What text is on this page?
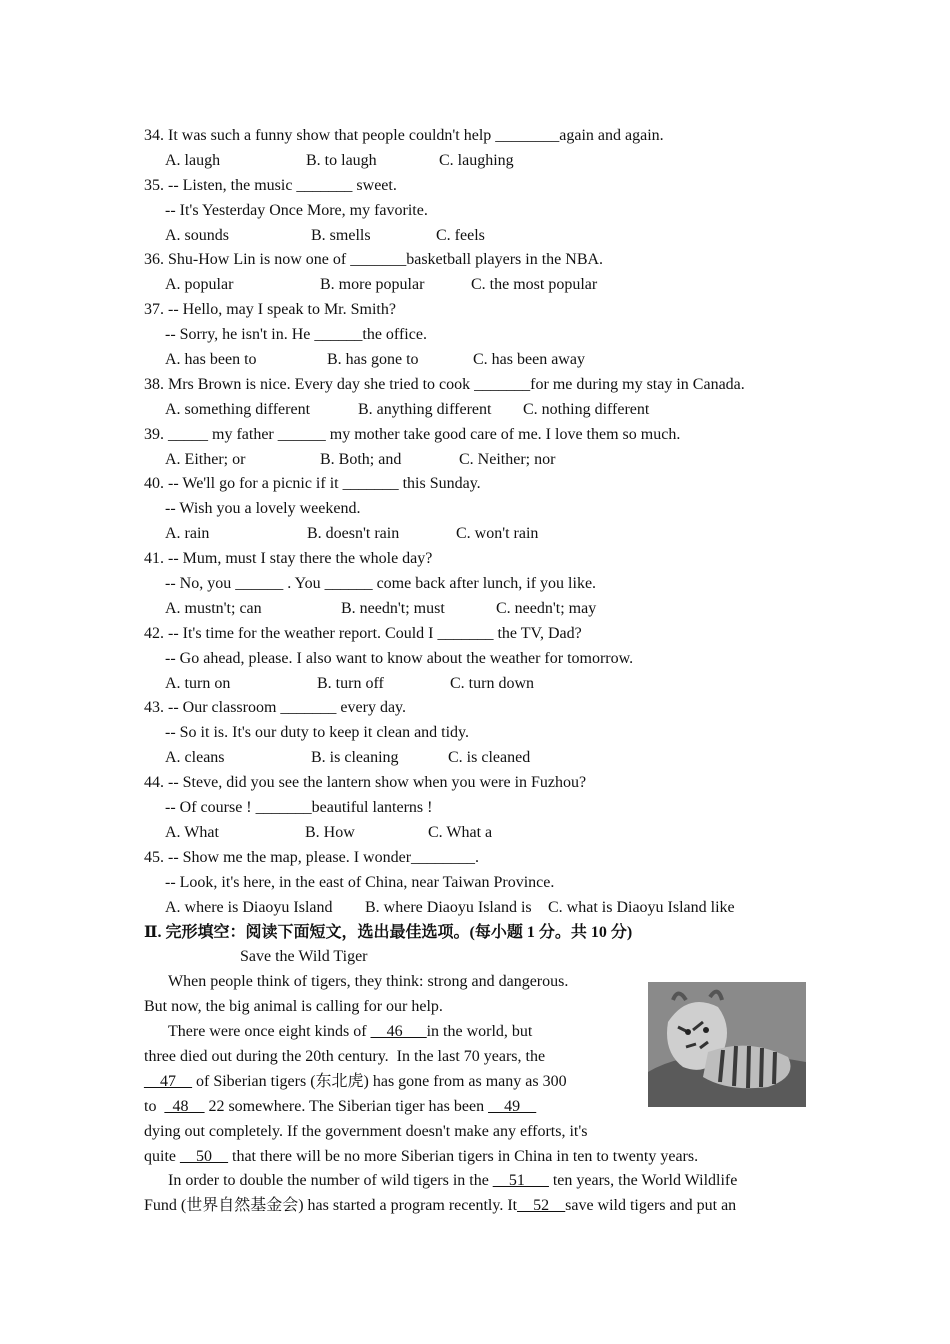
34. It was such a funny show that people couldn't help ________again and again.
A. laugh	B. to laugh	C. laughing
35. -- Listen, the music _______ sweet.
-- It's Yesterday Once More, my favorite.
A. sounds	B. smells	C. feels
36. Shu-How Lin is now one of _______basketball players in the NBA.
A. popular	B. more popular	C. the most popular
37. -- Hello, may I speak to Mr. Smith?
-- Sorry, he isn't in. He ______the office.
A. has been to	B. has gone to	C. has been away
38. Mrs Brown is nice. Every day she tried to cook _______for me during my stay in Canada.
A. something different	B. anything different C. nothing different
39. _____ my father ______ my mother take good care of me. I love them so much.
A. Either; or	B. Both; and	C. Neither; nor
40. -- We'll go for a picnic if it _______ this Sunday.
-- Wish you a lovely weekend.
A. rain	B. doesn't rain	C. won't rain
41. -- Mum, must I stay there the whole day?
-- No, you ______ . You ______ come back after lunch, if you like.
A. mustn't; can	B. needn't; must	C. needn't; may
42. -- It's time for the weather report. Could I _______ the TV, Dad?
-- Go ahead, please. I also want to know about the weather for tomorrow.
A. turn on	B. turn off	C. turn down
43. -- Our classroom _______ every day.
-- So it is. It's our duty to keep it clean and tidy.
A. cleans	B. is cleaning	C. is cleaned
44. -- Steve, did you see the lantern show when you were in Fuzhou?
-- Of course ! _______beautiful lanterns !
A. What	B. How	C. What a
45. -- Show me the map, please. I wonder________.
-- Look, it's here, in the east of China, near Taiwan Province.
A. where is Diaoyu Island B. where Diaoyu Island is C. what is Diaoyu Island like
Ⅱ. 完形填空：阅读下面短文，选出最佳选项。(每小题 1 分。共 10 分)
Save the Wild Tiger
When people think of tigers, they think: strong and dangerous.
But now, the big animal is calling for our help.
There were once eight kinds of __46___in the world, but
three died out during the 20th century.  In the last 70 years, the
__47__ of Siberian tigers (东北虎) has gone from as many as 300
to  _48__ 22 somewhere. The Siberian tiger has been __49__
dying out completely. If the government doesn't make any efforts, it's
quite __50__ that there will be no more Siberian tigers in China in ten to twenty years.
In order to double the number of wild tigers in the __51___ ten years, the World Wildlife
Fund (世界自然基金会) has started a program recently. It__52__save wild tigers and put an
